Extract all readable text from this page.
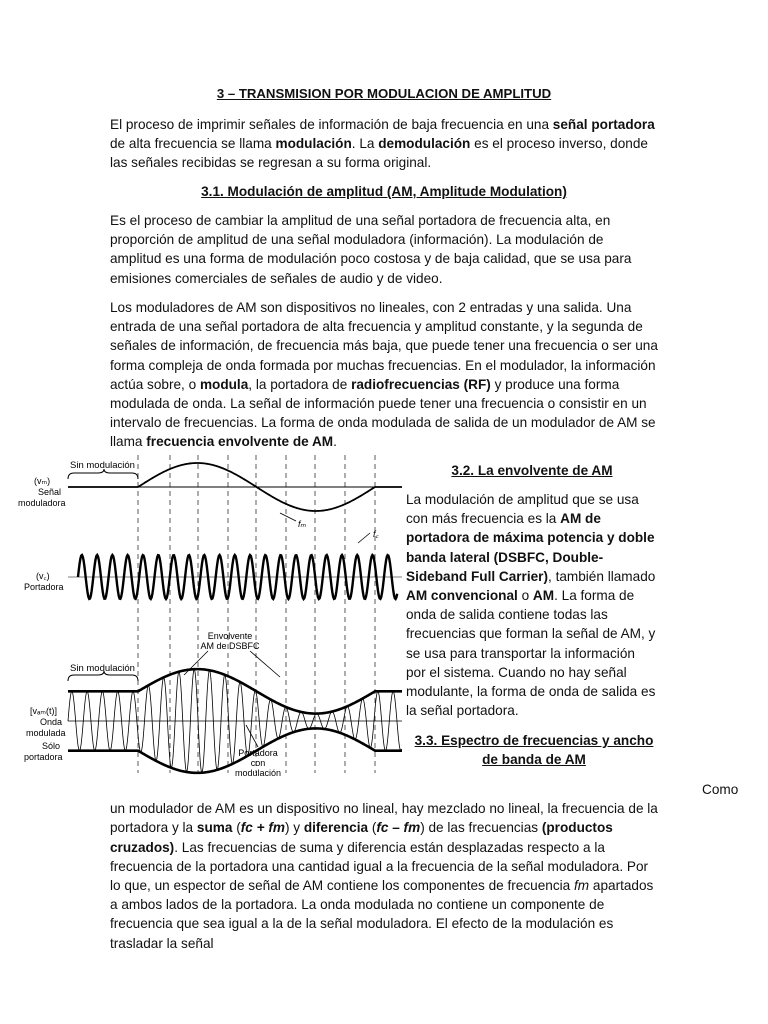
3 – TRANSMISION POR MODULACION DE AMPLITUD

El proceso de imprimir señales de información de baja frecuencia en una señal portadora de alta frecuencia se llama modulación. La demodulación es el proceso inverso, donde las señales recibidas se regresan a su forma original.

3.1. Modulación de amplitud (AM, Amplitude Modulation)

Es el proceso de cambiar la amplitud de una señal portadora de frecuencia alta, en proporción de amplitud de una señal moduladora (información). La modulación de amplitud es una forma de modulación poco costosa y de baja calidad, que se usa para emisiones comerciales de señales de audio y de video.

Los moduladores de AM son dispositivos no lineales, con 2 entradas y una salida. Una entrada de una señal portadora de alta frecuencia y amplitud constante, y la segunda de señales de información, de frecuencia más baja, que puede tener una frecuencia o ser una forma compleja de onda formada por muchas frecuencias. En el modulador, la información actúa sobre, o modula, la portadora de radiofrecuencias (RF) y produce una forma modulada de onda. La señal de información puede tener una frecuencia o consistir en un intervalo de frecuencias. La forma de onda modulada de salida de un modulador de AM se llama frecuencia envolvente de AM.

Sin modulación
(vₘ)
Señal
moduladora
fₘ
f꜀
(v꜀)
Portadora
Envolvente
AM de DSBFC
Sin modulación
[vₐₘ(t)]
Onda
modulada
Sólo
portadora	Portadora
con
modulación
3.2. La envolvente de AM

La modulación de amplitud que se usa con más frecuencia es la AM de portadora de máxima potencia y doble banda lateral (DSBFC, Double-Sideband Full Carrier), también llamado AM convencional o AM. La forma de onda de salida contiene todas las frecuencias que forman la señal de AM, y se usa para transportar la información por el sistema. Cuando no hay señal modulante, la forma de onda de salida es la señal portadora.

3.3. Espectro de frecuencias y ancho de banda de AM

Como un modulador de AM es un dispositivo no lineal, hay mezclado no lineal, la frecuencia de la portadora y la suma (fc + fm) y diferencia (fc – fm) de las frecuencias (productos cruzados). Las frecuencias de suma y diferencia están desplazadas respecto a la frecuencia de la portadora una cantidad igual a la frecuencia de la señal moduladora. Por lo que, un espector de señal de AM contiene los componentes de frecuencia fm apartados a ambos lados de la portadora. La onda modulada no contiene un componente de frecuencia que sea igual a la de la señal moduladora. El efecto de la modulación es trasladar la señal
